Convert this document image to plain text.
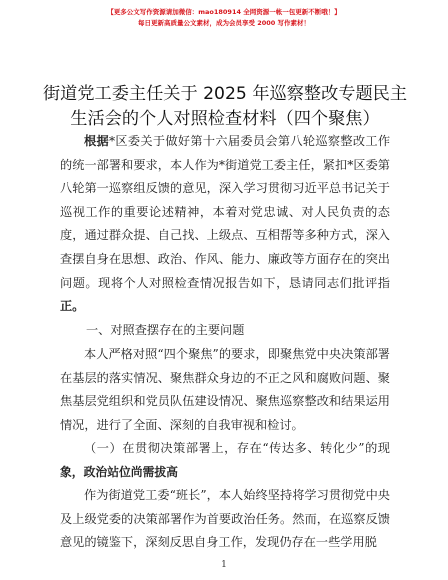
【更多公文写作资源请加微信：mao180914 全网资源一帐一包更新不断哦！】
每日更新高质量公文素材，成为会员享受 2000 写作素材！
街道党工委主任关于 2025 年巡察整改专题民主生活会的个人对照检查材料（四个聚焦）
根据*区委关于做好第十六届委员会第八轮巡察整改工作的统一部署和要求，本人作为*街道党工委主任，紧扣*区委第八轮第一巡察组反馈的意见，深入学习贯彻习近平总书记关于巡视工作的重要论述精神，本着对党忠诚、对人民负责的态度，通过群众提、自己找、上级点、互相帮等多种方式，深入查摆自身在思想、政治、作风、能力、廉政等方面存在的突出问题。现将个人对照检查情况报告如下，恳请同志们批评指正。
一、对照查摆存在的主要问题
本人严格对照“四个聚焦”的要求，即聚焦党中央决策部署在基层的落实情况、聚焦群众身边的不正之风和腐败问题、聚焦基层党组织和党员队伍建设情况、聚焦巡察整改和结果运用情况，进行了全面、深刻的自我审视和检讨。
（一）在贯彻决策部署上，存在“传达多、转化少”的现象，政治站位尚需拔高
作为街道党工委“班长”，本人始终坚持将学习贯彻党中央及上级党委的决策部署作为首要政治任务。然而，在巡察反馈意见的镜鉴下，深刻反思自身工作，发现仍存在一些学用脱
1
